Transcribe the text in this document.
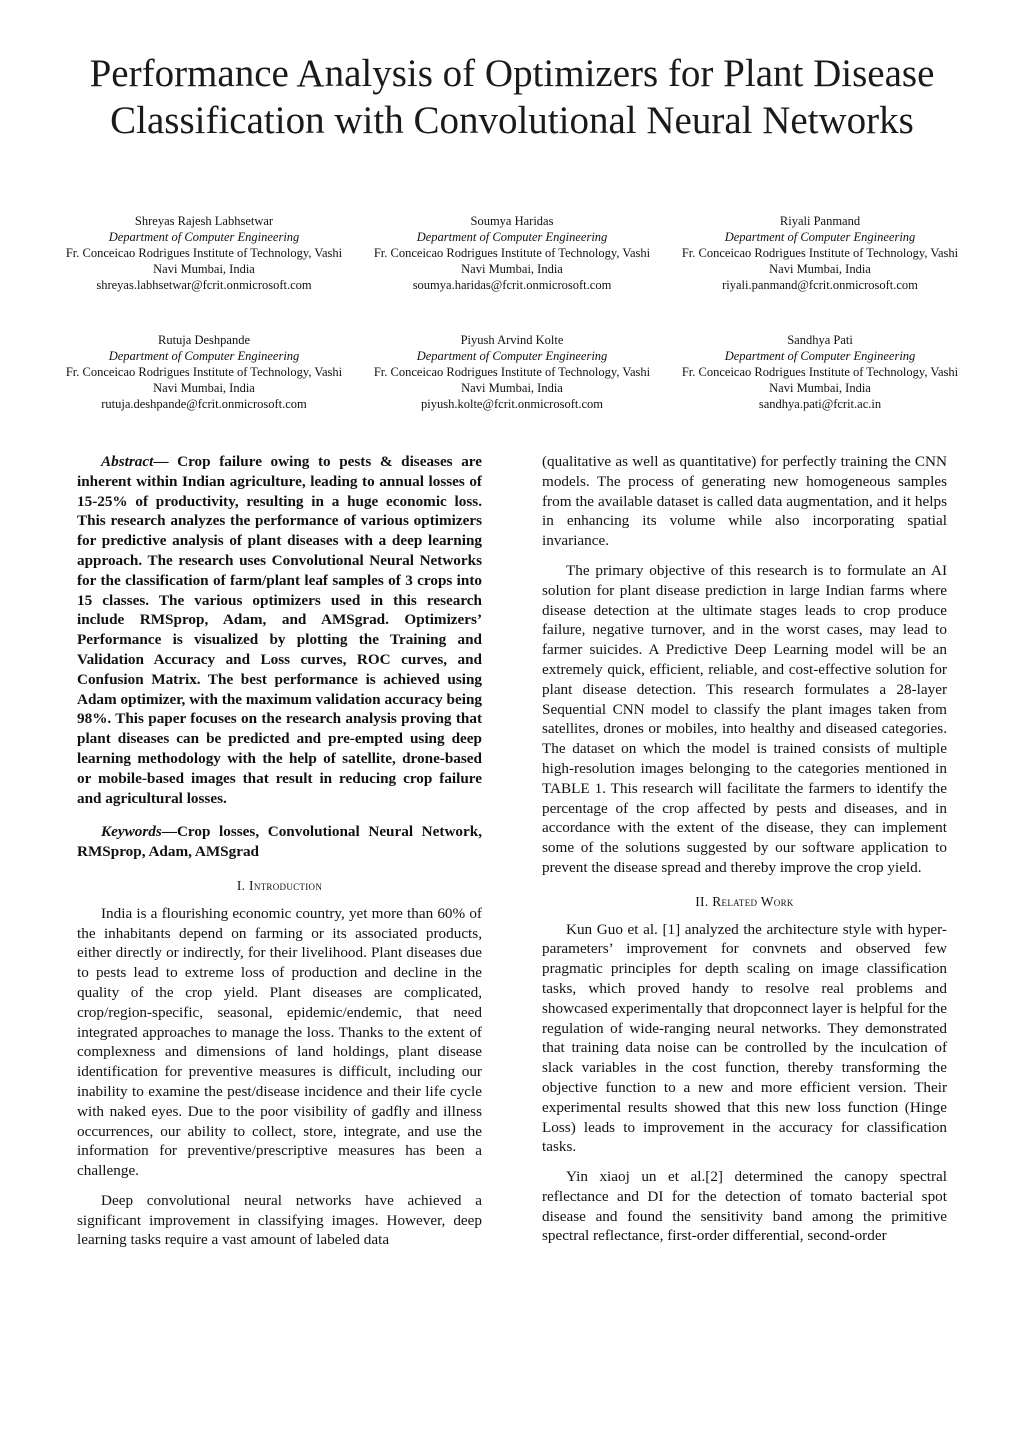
Performance Analysis of Optimizers for Plant Disease Classification with Convolutional Neural Networks
Shreyas Rajesh Labhsetwar
Department of Computer Engineering
Fr. Conceicao Rodrigues Institute of Technology, Vashi
Navi Mumbai, India
shreyas.labhsetwar@fcrit.onmicrosoft.com
Soumya Haridas
Department of Computer Engineering
Fr. Conceicao Rodrigues Institute of Technology, Vashi
Navi Mumbai, India
soumya.haridas@fcrit.onmicrosoft.com
Riyali Panmand
Department of Computer Engineering
Fr. Conceicao Rodrigues Institute of Technology, Vashi
Navi Mumbai, India
riyali.panmand@fcrit.onmicrosoft.com
Rutuja Deshpande
Department of Computer Engineering
Fr. Conceicao Rodrigues Institute of Technology, Vashi
Navi Mumbai, India
rutuja.deshpande@fcrit.onmicrosoft.com
Piyush Arvind Kolte
Department of Computer Engineering
Fr. Conceicao Rodrigues Institute of Technology, Vashi
Navi Mumbai, India
piyush.kolte@fcrit.onmicrosoft.com
Sandhya Pati
Department of Computer Engineering
Fr. Conceicao Rodrigues Institute of Technology, Vashi
Navi Mumbai, India
sandhya.pati@fcrit.ac.in

Abstract— Crop failure owing to pests & diseases are inherent within Indian agriculture, leading to annual losses of 15-25% of productivity, resulting in a huge economic loss. This research analyzes the performance of various optimizers for predictive analysis of plant diseases with a deep learning approach. The research uses Convolutional Neural Networks for the classification of farm/plant leaf samples of 3 crops into 15 classes. The various optimizers used in this research include RMSprop, Adam, and AMSgrad. Optimizers’ Performance is visualized by plotting the Training and Validation Accuracy and Loss curves, ROC curves, and Confusion Matrix. The best performance is achieved using Adam optimizer, with the maximum validation accuracy being 98%. This paper focuses on the research analysis proving that plant diseases can be predicted and pre-empted using deep learning methodology with the help of satellite, drone-based or mobile-based images that result in reducing crop failure and agricultural losses.

Keywords—Crop losses, Convolutional Neural Network, RMSprop, Adam, AMSgrad

I. Introduction

India is a flourishing economic country, yet more than 60% of the inhabitants depend on farming or its associated products, either directly or indirectly, for their livelihood. Plant diseases due to pests lead to extreme loss of production and decline in the quality of the crop yield. Plant diseases are complicated, crop/region-specific, seasonal, epidemic/endemic, that need integrated approaches to manage the loss. Thanks to the extent of complexness and dimensions of land holdings, plant disease identification for preventive measures is difficult, including our inability to examine the pest/disease incidence and their life cycle with naked eyes. Due to the poor visibility of gadfly and illness occurrences, our ability to collect, store, integrate, and use the information for preventive/prescriptive measures has been a challenge.

Deep convolutional neural networks have achieved a significant improvement in classifying images. However, deep learning tasks require a vast amount of labeled data

(qualitative as well as quantitative) for perfectly training the CNN models. The process of generating new homogeneous samples from the available dataset is called data augmentation, and it helps in enhancing its volume while also incorporating spatial invariance.

The primary objective of this research is to formulate an AI solution for plant disease prediction in large Indian farms where disease detection at the ultimate stages leads to crop produce failure, negative turnover, and in the worst cases, may lead to farmer suicides. A Predictive Deep Learning model will be an extremely quick, efficient, reliable, and cost-effective solution for plant disease detection. This research formulates a 28-layer Sequential CNN model to classify the plant images taken from satellites, drones or mobiles, into healthy and diseased categories. The dataset on which the model is trained consists of multiple high-resolution images belonging to the categories mentioned in TABLE 1. This research will facilitate the farmers to identify the percentage of the crop affected by pests and diseases, and in accordance with the extent of the disease, they can implement some of the solutions suggested by our software application to prevent the disease spread and thereby improve the crop yield.

II. Related Work

Kun Guo et al. [1] analyzed the architecture style with hyper-parameters’ improvement for convnets and observed few pragmatic principles for depth scaling on image classification tasks, which proved handy to resolve real problems and showcased experimentally that dropconnect layer is helpful for the regulation of wide-ranging neural networks. They demonstrated that training data noise can be controlled by the inculcation of slack variables in the cost function, thereby transforming the objective function to a new and more efficient version. Their experimental results showed that this new loss function (Hinge Loss) leads to improvement in the accuracy for classification tasks.

Yin xiaoj un et al.[2] determined the canopy spectral reflectance and DI for the detection of tomato bacterial spot disease and found the sensitivity band among the primitive spectral reflectance, first-order differential, second-order
